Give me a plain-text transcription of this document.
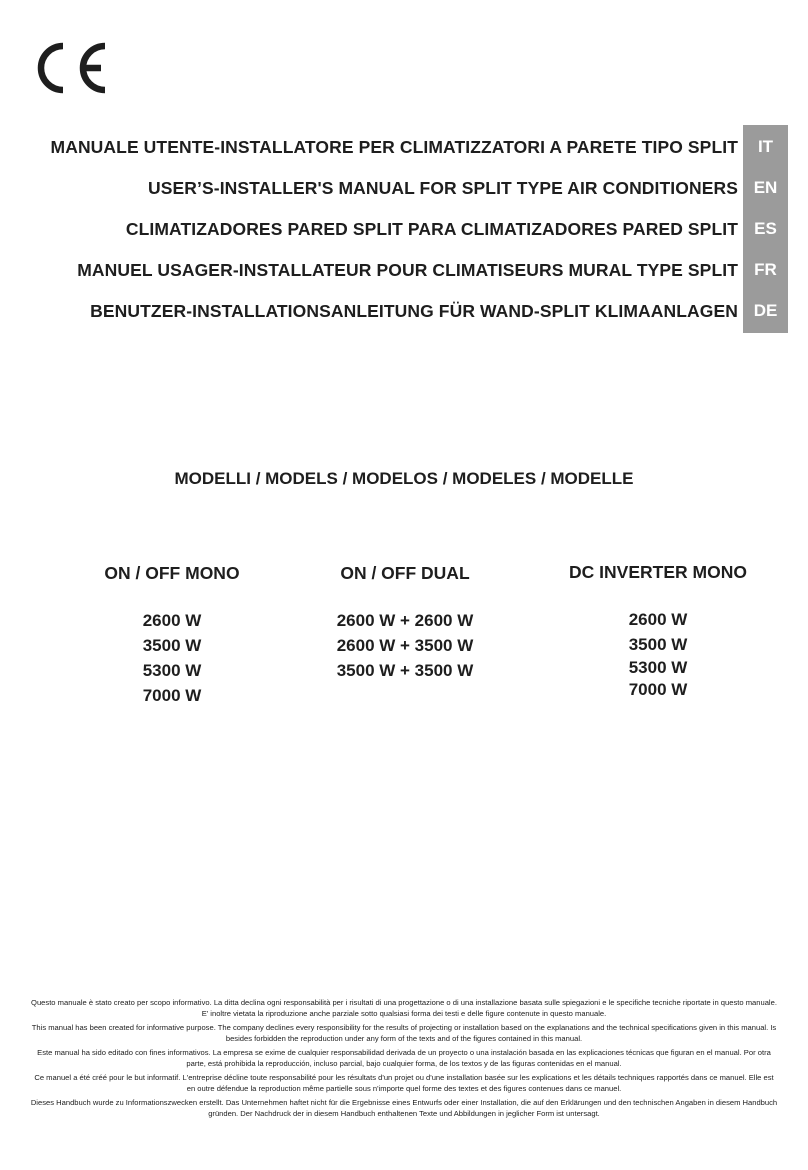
MANUALE UTENTE-INSTALLATORE PER CLIMATIZZATORI A PARETE TIPO SPLIT	IT
USER’S-INSTALLER'S MANUAL FOR SPLIT TYPE AIR CONDITIONERS EN
CLIMATIZADORES PARED SPLIT PARA CLIMATIZADORES PARED SPLIT ES
MANUEL USAGER-INSTALLATEUR POUR CLIMATISEURS MURAL TYPE SPLIT FR
BENUTZER-INSTALLATIONSANLEITUNG FÜR WAND-SPLIT KLIMAANLAGEN DE
MODELLI / MODELS / MODELOS / MODELES / MODELLE
ON / OFF MONO
2600 W
3500 W
5300 W
7000 W
ON / OFF DUAL
2600 W + 2600 W
2600 W + 3500 W
3500 W + 3500 W
DC INVERTER MONO
2600 W
3500 W
5300 W
7000 W

Questo manuale è stato creato per scopo informativo. La ditta declina ogni responsabilità per i risultati di una progettazione o di una installazione basata sulle spiegazioni e le specifiche tecniche riportate in questo manuale. E’ inoltre vietata la riproduzione anche parziale sotto qualsiasi forma dei testi e delle figure contenute in questo manuale.

This manual has been created for informative purpose. The company declines every responsibility for the results of projecting or installation based on the explanations and the technical specifications given in this manual. Is besides forbidden the reproduction under any form of the texts and of the figures contained in this manual.

Este manual ha sido editado con fines informativos. La empresa se exime de cualquier responsabilidad derivada de un proyecto o una instalación basada en las explicaciones técnicas que figuran en el manual. Por otra parte, está prohibida la reproducción, incluso parcial, bajo cualquier forma, de los textos y de las figuras contenidas en el manual.

Ce manuel a été créé pour le but informatif. L'entreprise décline toute responsabilité pour les résultats d'un projet ou d'une installation basée sur les explications et les détails techniques rapportés dans ce manuel. Elle est en outre défendue la reproduction même partielle sous n'importe quel forme des textes et des figures contenues dans ce manuel.

Dieses Handbuch wurde zu Informationszwecken erstellt. Das Unternehmen haftet nicht für die Ergebnisse eines Entwurfs oder einer Installation, die auf den Erklärungen und den technischen Angaben in diesem Handbuch gründen. Der Nachdruck der in diesem Handbuch enthaltenen Texte und Abbildungen in jeglicher Form ist untersagt.
